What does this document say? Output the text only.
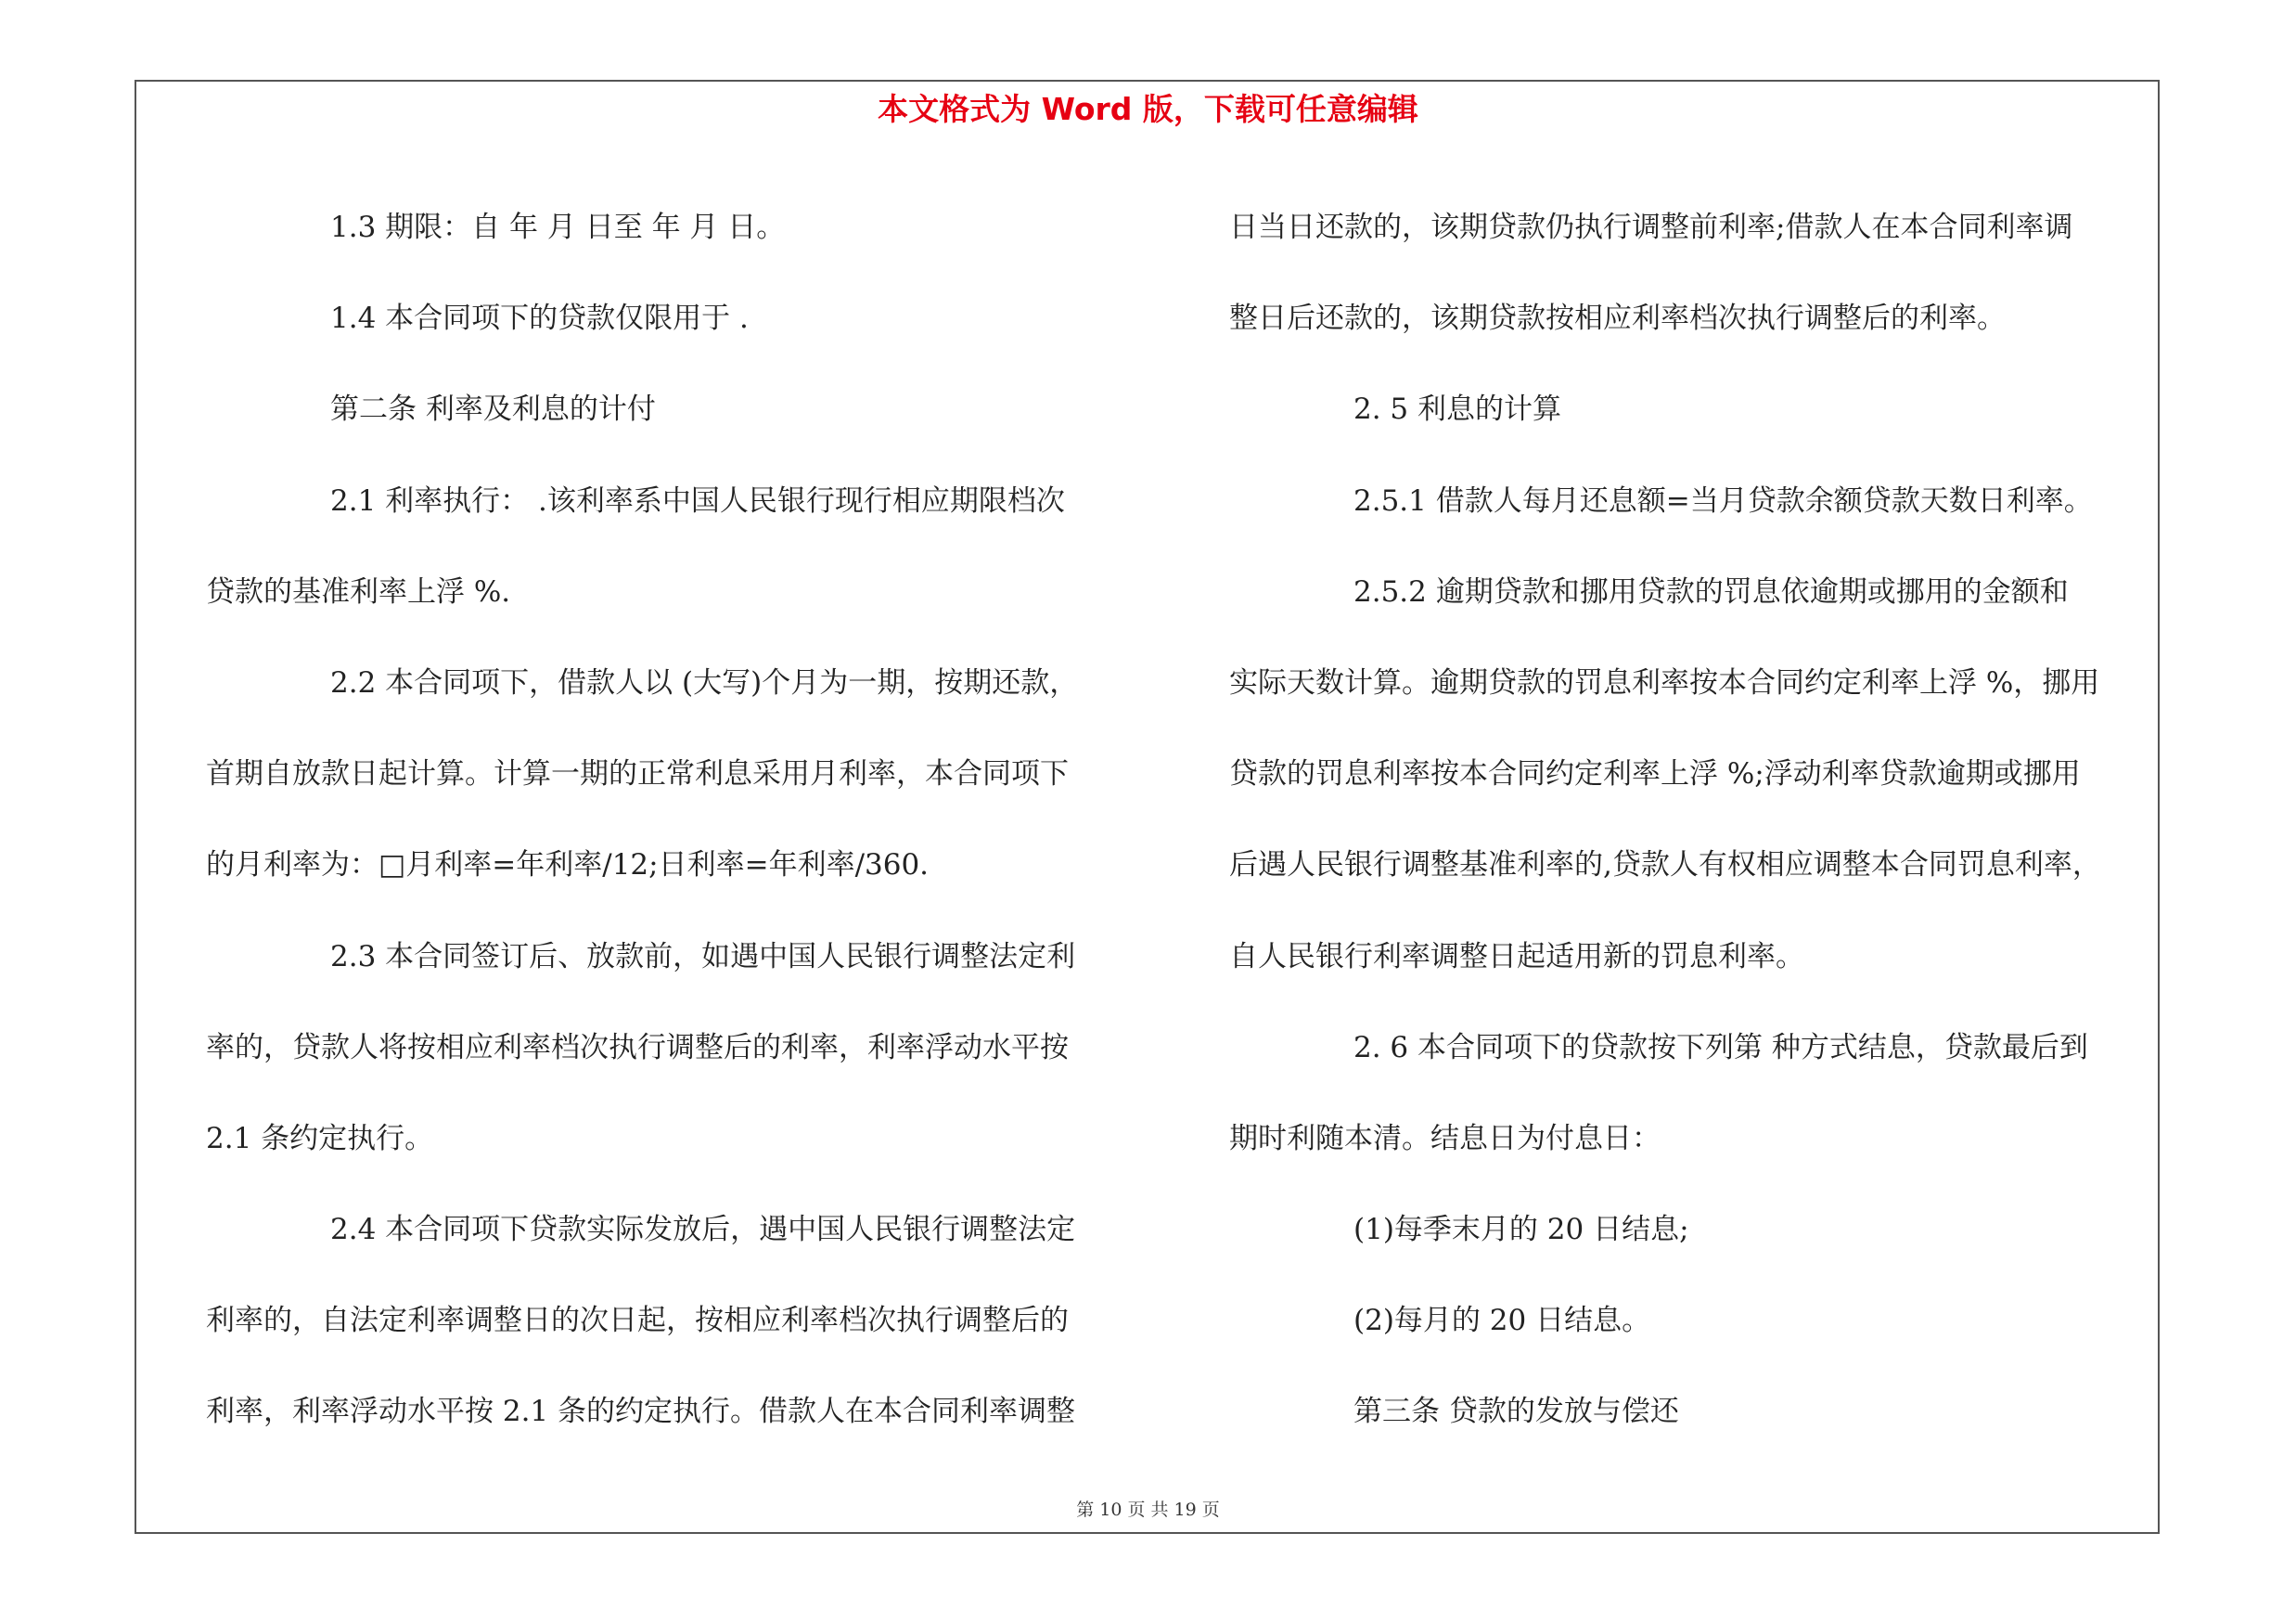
本文格式为 Word 版，下载可任意编辑
1.3 期限：自 年 月 日至 年 月 日。
1.4 本合同项下的贷款仅限用于 .
第二条 利率及利息的计付
2.1 利率执行： .该利率系中国人民银行现行相应期限档次
贷款的基准利率上浮 %.
2.2 本合同项下，借款人以 (大写)个月为一期，按期还款，
首期自放款日起计算。计算一期的正常利息采用月利率，本合同项下
的月利率为：□月利率=年利率/12;日利率=年利率/360.
2.3 本合同签订后、放款前，如遇中国人民银行调整法定利
率的，贷款人将按相应利率档次执行调整后的利率，利率浮动水平按
2.1 条约定执行。
2.4 本合同项下贷款实际发放后，遇中国人民银行调整法定
利率的，自法定利率调整日的次日起，按相应利率档次执行调整后的
利率，利率浮动水平按 2.1 条的约定执行。借款人在本合同利率调整
日当日还款的，该期贷款仍执行调整前利率;借款人在本合同利率调
整日后还款的，该期贷款按相应利率档次执行调整后的利率。
2. 5 利息的计算
2.5.1 借款人每月还息额=当月贷款余额贷款天数日利率。
2.5.2 逾期贷款和挪用贷款的罚息依逾期或挪用的金额和
实际天数计算。逾期贷款的罚息利率按本合同约定利率上浮 %，挪用
贷款的罚息利率按本合同约定利率上浮 %;浮动利率贷款逾期或挪用
后遇人民银行调整基准利率的,贷款人有权相应调整本合同罚息利率，
自人民银行利率调整日起适用新的罚息利率。
2. 6 本合同项下的贷款按下列第 种方式结息，贷款最后到
期时利随本清。结息日为付息日：
(1)每季末月的 20 日结息;
(2)每月的 20 日结息。
第三条 贷款的发放与偿还
第 10 页 共 19 页
